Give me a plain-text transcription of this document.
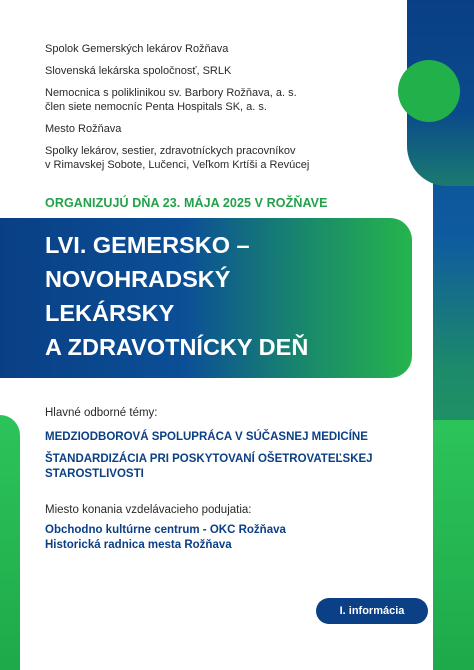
Spolok Gemerských lekárov Rožňava

Slovenská lekárska spoločnosť, SRLK

Nemocnica s poliklinikou sv. Barbory Rožňava, a. s.
člen siete nemocníc Penta Hospitals SK, a. s.

Mesto Rožňava

Spolky lekárov, sestier, zdravotníckych pracovníkov
v Rimavskej Sobote, Lučenci, Veľkom Krtíši a Revúcej

ORGANIZUJÚ DŇA 23. MÁJA 2025 V ROŽŇAVE
LVI. GEMERSKO –
NOVOHRADSKÝ
LEKÁRSKY
A ZDRAVOTNÍCKY DEŇ
Hlavné odborné témy:
MEDZIODBOROVÁ SPOLUPRÁCA V SÚČASNEJ MEDICÍNE
ŠTANDARDIZÁCIA PRI POSKYTOVANÍ OŠETROVATEĽSKEJ STAROSTLIVOSTI
Miesto konania vzdelávacieho podujatia:
Obchodno kultúrne centrum - OKC Rožňava
Historická radnica mesta Rožňava
I. informácia
